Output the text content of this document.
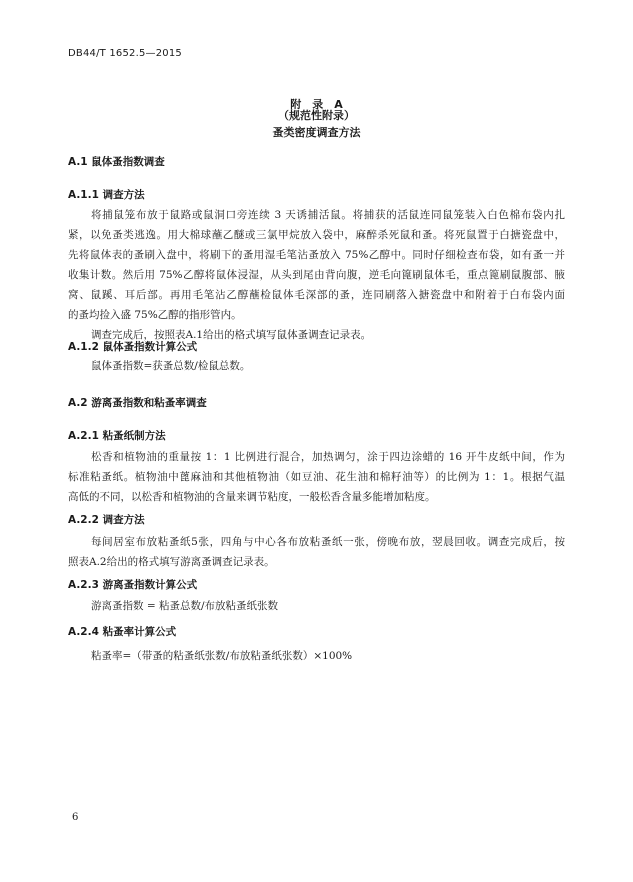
DB44/T 1652.5—2015
附　录　A
（规范性附录）
蚤类密度调查方法
A.1 鼠体蚤指数调查
A.1.1 调查方法
将捕鼠笼布放于鼠路或鼠洞口旁连续 3 天诱捕活鼠。将捕获的活鼠连同鼠笼装入白色棉布袋内扎
紧，以免蚤类逃逸。用大棉球蘸乙醚或三氯甲烷放入袋中，麻醉杀死鼠和蚤。将死鼠置于白搪瓷盘中，
先将鼠体表的蚤刷入盘中，将刷下的蚤用湿毛笔沾蚤放入 75%乙醇中。同时仔细检查布袋，如有蚤一并
收集计数。然后用 75%乙醇将鼠体浸湿，从头到尾由背向腹，逆毛向篦刷鼠体毛，重点篦刷鼠腹部、腋
窝、鼠蹊、耳后部。再用毛笔沾乙醇蘸检鼠体毛深部的蚤，连同刷落入搪瓷盘中和附着于白布袋内面
的蚤均捡入盛 75%乙醇的指形管内。
调查完成后，按照表A.1给出的格式填写鼠体蚤调查记录表。
A.1.2 鼠体蚤指数计算公式
鼠体蚤指数=获蚤总数/检鼠总数。
A.2 游离蚤指数和粘蚤率调查
A.2.1 粘蚤纸制方法
松香和植物油的重量按 1：1 比例进行混合，加热调匀，涂于四边涂蜡的 16 开牛皮纸中间，作为
标准粘蚤纸。植物油中蓖麻油和其他植物油（如豆油、花生油和棉籽油等）的比例为 1：1。根据气温
高低的不同，以松香和植物油的含量来调节粘度，一般松香含量多能增加粘度。
A.2.2 调查方法
每间居室布放粘蚤纸5张，四角与中心各布放粘蚤纸一张，傍晚布放，翌晨回收。调查完成后，按
照表A.2给出的格式填写游离蚤调查记录表。
A.2.3 游离蚤指数计算公式
游离蚤指数 = 粘蚤总数/布放粘蚤纸张数
A.2.4 粘蚤率计算公式
粘蚤率=（带蚤的粘蚤纸张数/布放粘蚤纸张数）×100%
6
